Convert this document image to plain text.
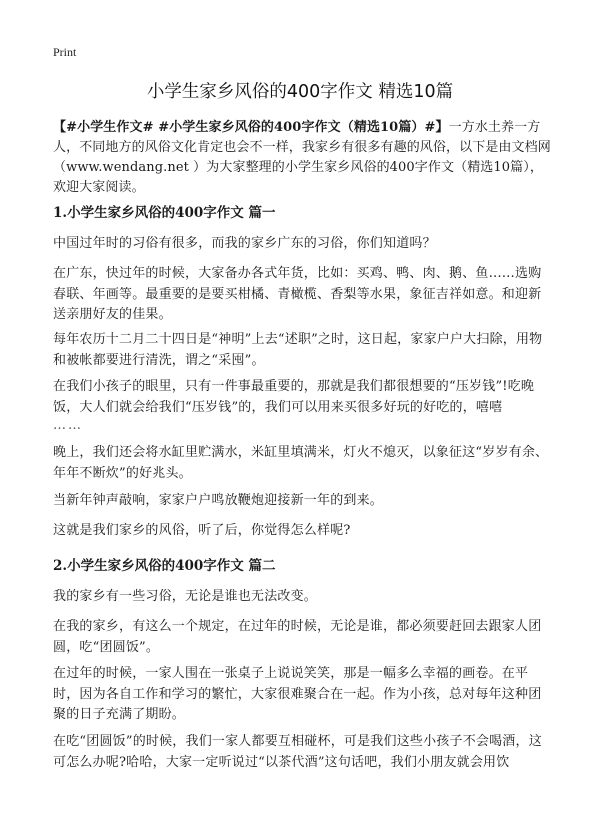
Print
小学生家乡风俗的400字作文 精选10篇

【#小学生作文# #小学生家乡风俗的400字作文（精选10篇）#】一方水土养一方人，不同地方的风俗文化肯定也会不一样，我家乡有很多有趣的风俗，以下是由文档网（www.wendang.net ）为大家整理的小学生家乡风俗的400字作文（精选10篇），欢迎大家阅读。

1.小学生家乡风俗的400字作文 篇一

中国过年时的习俗有很多，而我的家乡广东的习俗，你们知道吗？

在广东，快过年的时候，大家备办各式年货，比如：买鸡、鸭、肉、鹅、鱼……选购春联、年画等。最重要的是要买柑橘、青橄榄、香梨等水果，象征吉祥如意。和迎新送亲朋好友的佳果。

每年农历十二月二十四日是“神明”上去“述职”之时，这日起，家家户户大扫除，用物和被帐都要进行清洗，谓之“采囤”。

在我们小孩子的眼里，只有一件事最重要的，那就是我们都很想要的“压岁钱”!吃晚饭，大人们就会给我们“压岁钱”的，我们可以用来买很多好玩的好吃的，嘻嘻

……

晚上，我们还会将水缸里贮满水，米缸里填满米，灯火不熄灭，以象征这“岁岁有余、年年不断炊”的好兆头。

当新年钟声敲响，家家户户鸣放鞭炮迎接新一年的到来。

这就是我们家乡的风俗，听了后，你觉得怎么样呢?

2.小学生家乡风俗的400字作文 篇二

我的家乡有一些习俗，无论是谁也无法改变。

在我的家乡，有这么一个规定，在过年的时候，无论是谁，都必须要赶回去跟家人团圆，吃“团圆饭”。

在过年的时候，一家人围在一张桌子上说说笑笑，那是一幅多么幸福的画卷。在平时，因为各自工作和学习的繁忙，大家很难聚合在一起。作为小孩，总对每年这种团聚的日子充满了期盼。

在吃“团圆饭”的时候，我们一家人都要互相碰杯，可是我们这些小孩子不会喝酒，这可怎么办呢?哈哈，大家一定听说过“以茶代酒”这句话吧，我们小朋友就会用饮
